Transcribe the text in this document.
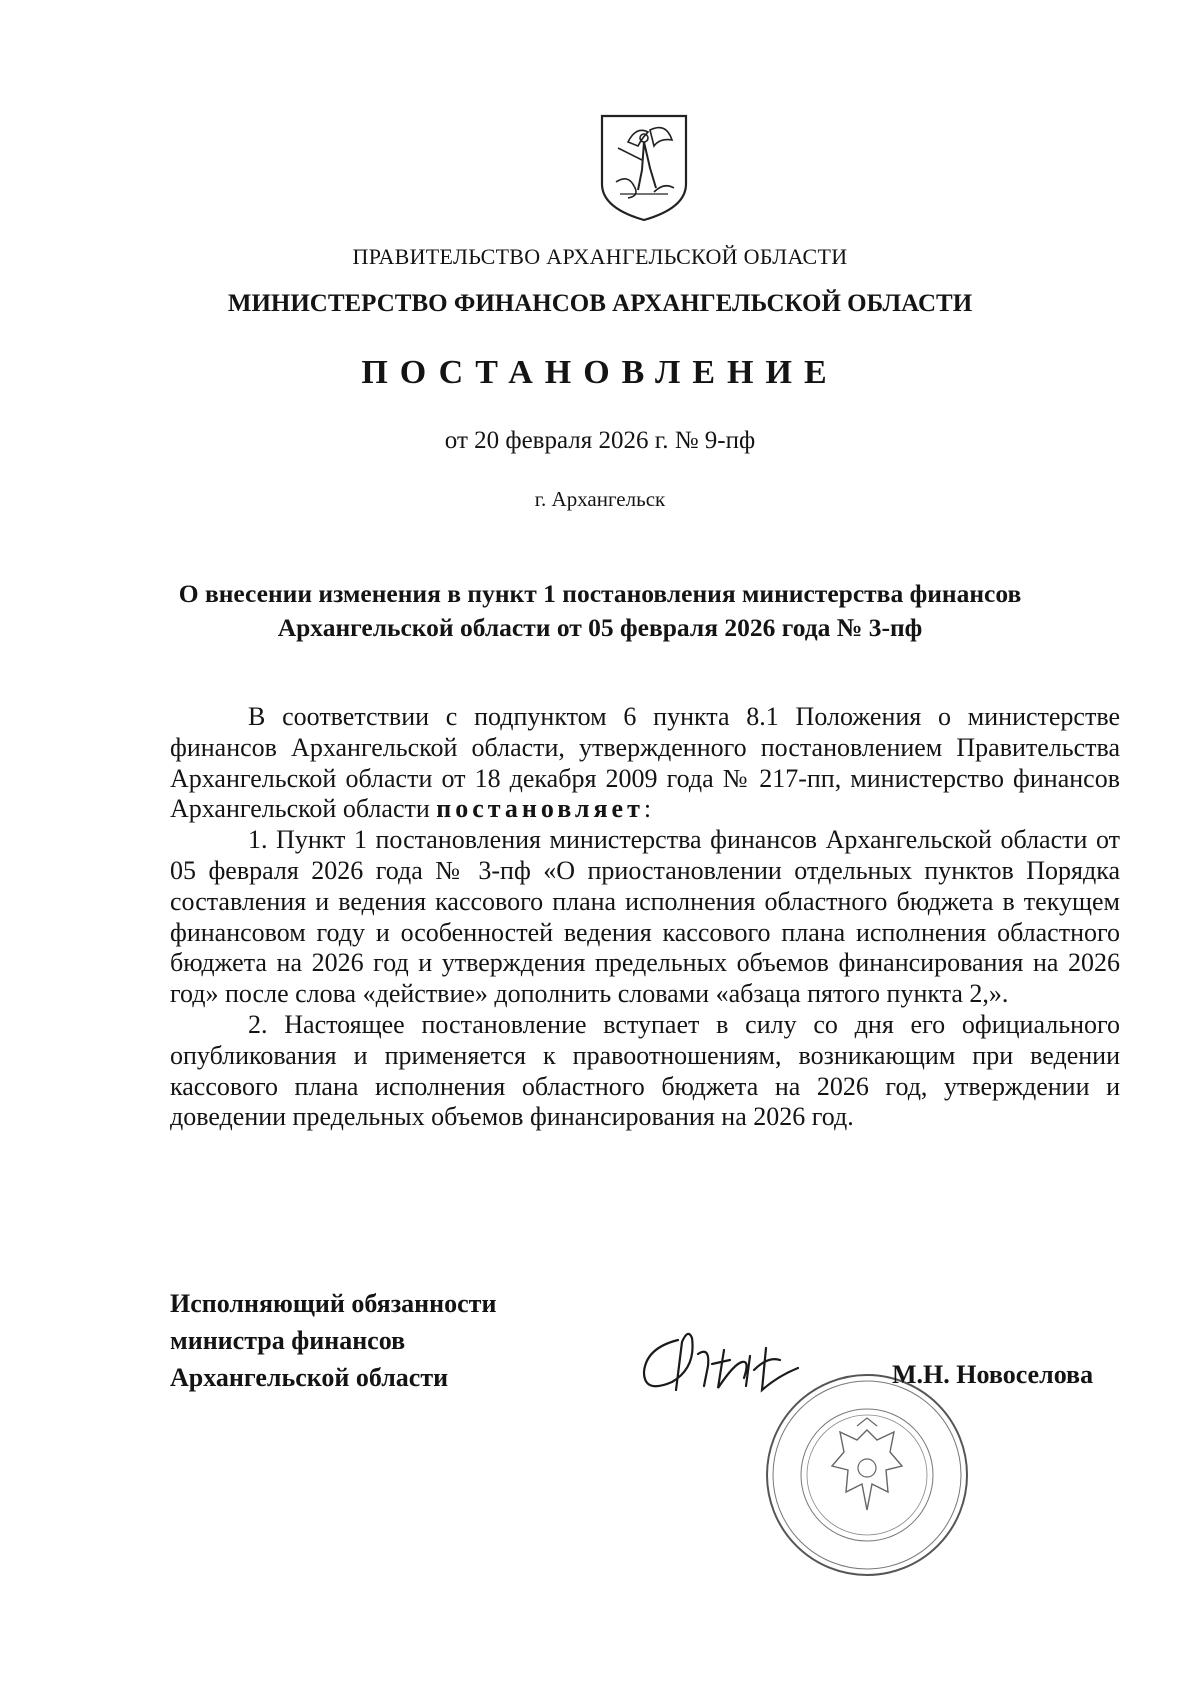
ПРАВИТЕЛЬСТВО АРХАНГЕЛЬСКОЙ ОБЛАСТИ
МИНИСТЕРСТВО ФИНАНСОВ АРХАНГЕЛЬСКОЙ ОБЛАСТИ
ПОСТАНОВЛЕНИЕ
от 20 февраля 2026 г. № 9-пф
г. Архангельск
О внесении изменения в пункт 1 постановления министерства финансов
Архангельской области от 05 февраля 2026 года № 3-пф

В соответствии с подпунктом 6 пункта 8.1 Положения о министерстве финансов Архангельской области, утвержденного постановлением Правительства Архангельской области от 18 декабря 2009 года № 217-пп, министерство финансов Архангельской области постановляет:

1. Пункт 1 постановления министерства финансов Архангельской области от 05 февраля 2026 года № 3-пф «О приостановлении отдельных пунктов Порядка составления и ведения кассового плана исполнения областного бюджета в текущем финансовом году и особенностей ведения кассового плана исполнения областного бюджета на 2026 год и утверждения предельных объемов финансирования на 2026 год» после слова «действие» дополнить словами «абзаца пятого пункта 2,».

2. Настоящее постановление вступает в силу со дня его официального опубликования и применяется к правоотношениям, возникающим при ведении кассового плана исполнения областного бюджета на 2026 год, утверждении и доведении предельных объемов финансирования на 2026 год.

Исполняющий обязанности
министра финансов
Архангельской области	М.Н. Новоселова
